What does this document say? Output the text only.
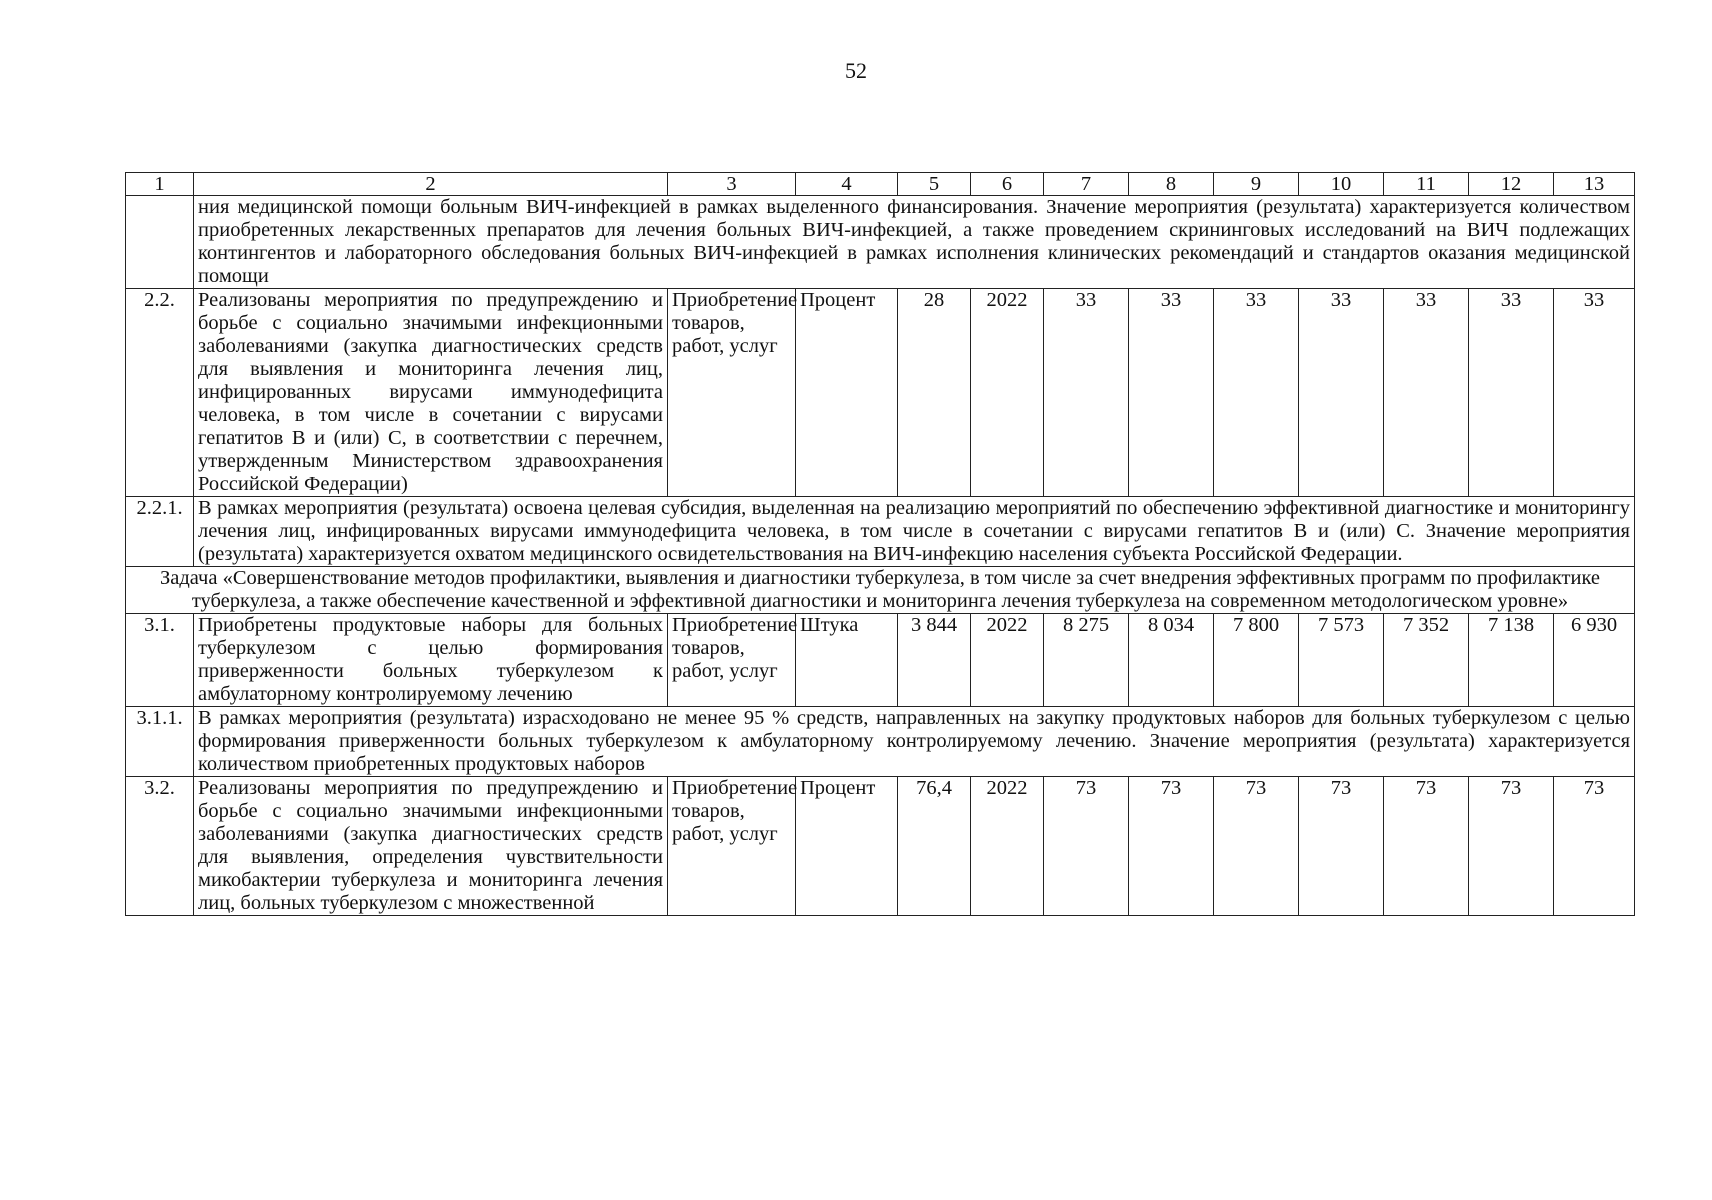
52
1	2	3	4	5	6	7	8	9	10	11	12	13
	ния медицинской помощи больным ВИЧ-инфекцией в рамках выделенного финансирования. Значение мероприятия (результата) характеризуется количеством приобретенных лекарственных препаратов для лечения больных ВИЧ-инфекцией, а также проведением скрининговых исследований на ВИЧ подлежащих контингентов и лабораторного обследования больных ВИЧ-инфекцией в рамках исполнения клинических рекомендаций и стандартов оказания медицинской помощи											
2.2.	Реализованы мероприятия по предупреждению и борьбе с социально значимыми инфекционными заболеваниями (закупка диагностических средств для выявления и мониторинга лечения лиц, инфицированных вирусами иммунодефицита человека, в том числе в сочетании с вирусами гепатитов В и (или) С, в соответствии с перечнем, утвержденным Министерством здравоохранения Российской Федерации)	Приобретение товаров, работ, услуг	Процент	28	2022	33	33	33	33	33	33	33
2.2.1.	В рамках мероприятия (результата) освоена целевая субсидия, выделенная на реализацию мероприятий по обеспечению эффективной диагностике и мониторингу лечения лиц, инфицированных вирусами иммунодефицита человека, в том числе в сочетании с вирусами гепатитов В и (или) С. Значение мероприятия (результата) характеризуется охватом медицинского освидетельствования на ВИЧ-инфекцию населения субъекта Российской Федерации.											
Задача «Совершенствование методов профилактики, выявления и диагностики туберкулеза, в том числе за счет внедрения эффективных программ по профилактике туберкулеза, а также обеспечение качественной и эффективной диагностики и мониторинга лечения туберкулеза на современном методологическом уровне»												
3.1.	Приобретены продуктовые наборы для больных туберкулезом с целью формирования приверженности больных туберкулезом к амбулаторному контролируемому лечению	Приобретение товаров, работ, услуг	Штука	3 844	2022	8 275	8 034	7 800	7 573	7 352	7 138	6 930
3.1.1.	В рамках мероприятия (результата) израсходовано не менее 95 % средств, направленных на закупку продуктовых наборов для больных туберкулезом с целью формирования приверженности больных туберкулезом к амбулаторному контролируемому лечению. Значение мероприятия (результата) характеризуется количеством приобретенных продуктовых наборов											
3.2.	Реализованы мероприятия по предупреждению и борьбе с социально значимыми инфекционными заболеваниями (закупка диагностических средств для выявления, определения чувствительности микобактерии туберкулеза и мониторинга лечения лиц, больных туберкулезом с множественной	Приобретение товаров, работ, услуг	Процент	76,4	2022	73	73	73	73	73	73	73
